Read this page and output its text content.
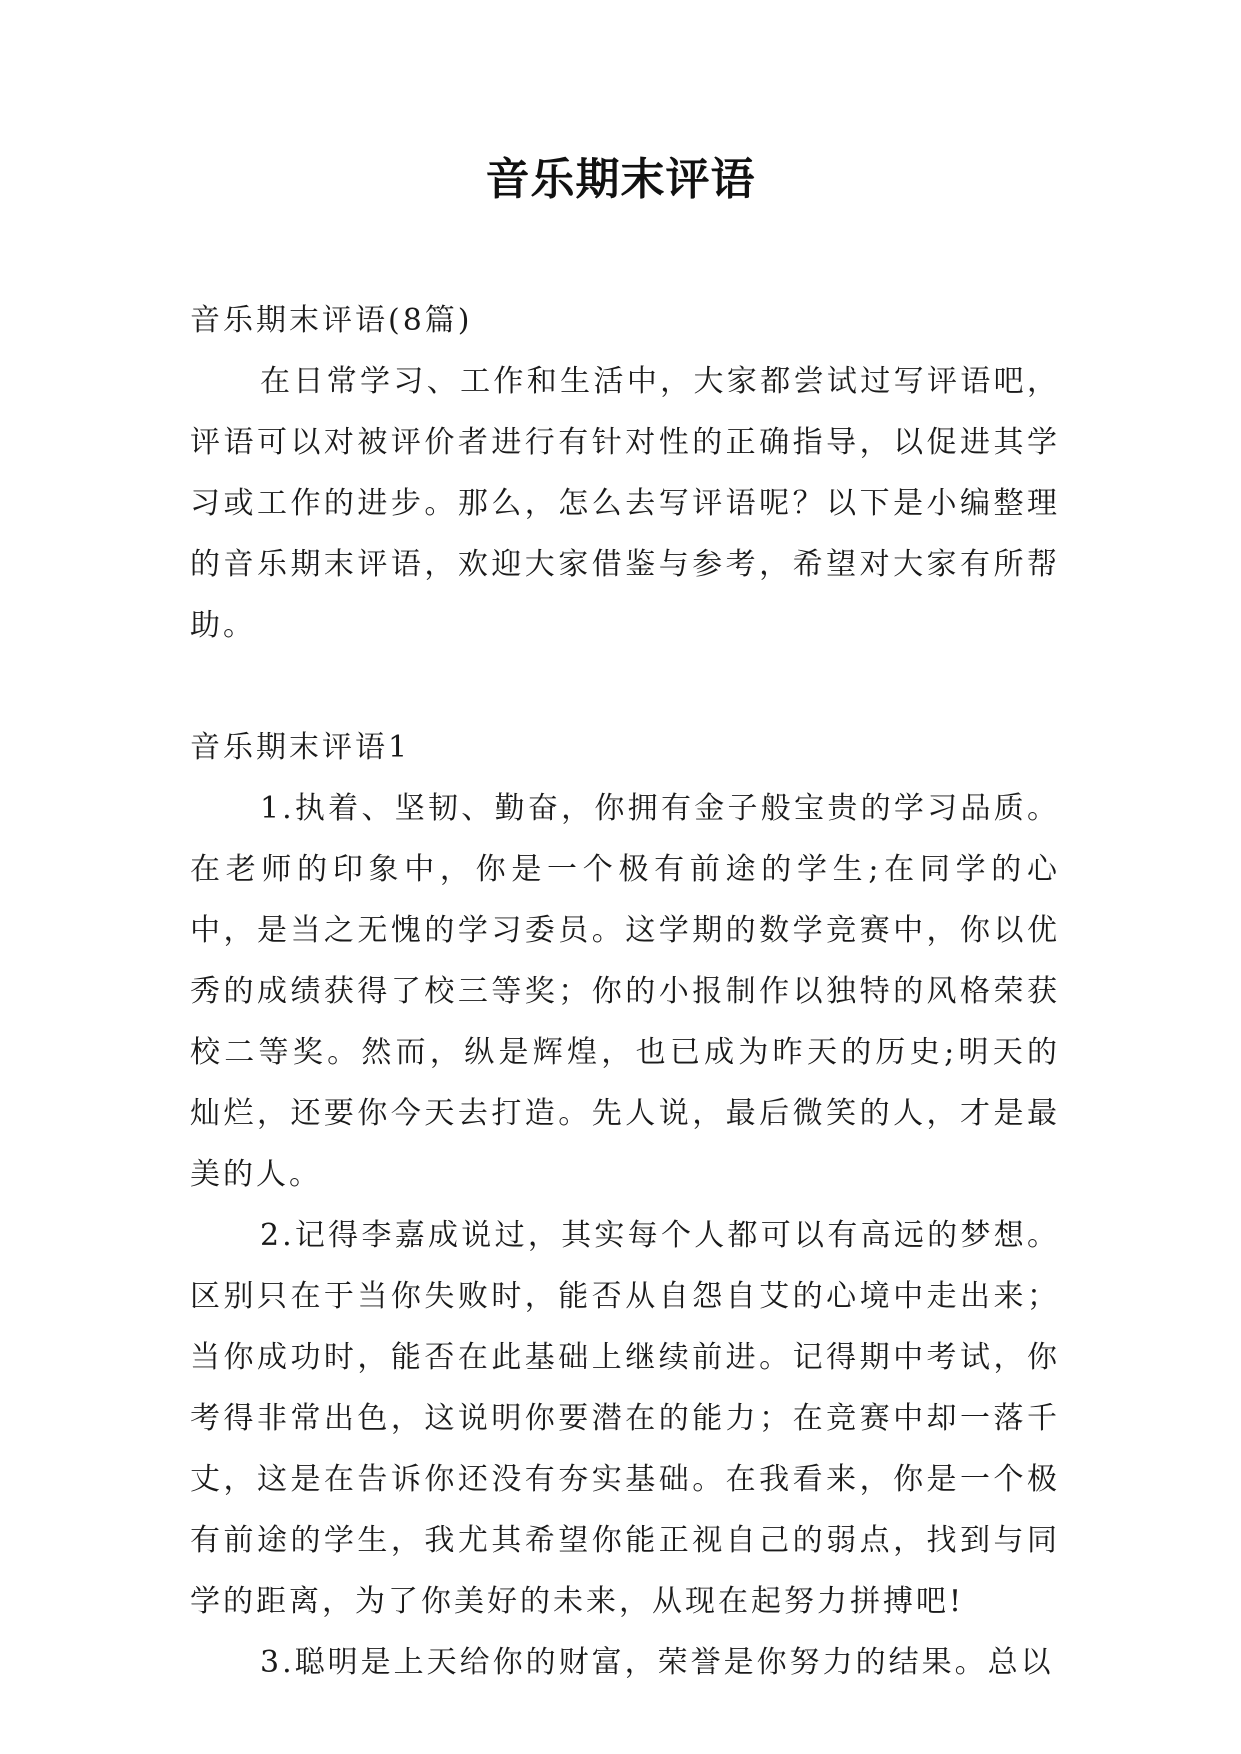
音乐期末评语

音乐期末评语(8篇)

在日常学习、工作和生活中，大家都尝试过写评语吧，评语可以对被评价者进行有针对性的正确指导，以促进其学习或工作的进步。那么，怎么去写评语呢？以下是小编整理的音乐期末评语，欢迎大家借鉴与参考，希望对大家有所帮助。

音乐期末评语1

1.执着、坚韧、勤奋，你拥有金子般宝贵的学习品质。在老师的印象中，你是一个极有前途的学生;在同学的心中，是当之无愧的学习委员。这学期的数学竞赛中，你以优秀的成绩获得了校三等奖；你的小报制作以独特的风格荣获校二等奖。然而，纵是辉煌，也已成为昨天的历史;明天的灿烂，还要你今天去打造。先人说，最后微笑的人，才是最美的人。

2.记得李嘉成说过，其实每个人都可以有高远的梦想。区别只在于当你失败时，能否从自怨自艾的心境中走出来；当你成功时，能否在此基础上继续前进。记得期中考试，你考得非常出色，这说明你要潜在的能力；在竞赛中却一落千丈，这是在告诉你还没有夯实基础。在我看来，你是一个极有前途的学生，我尤其希望你能正视自己的弱点，找到与同学的距离，为了你美好的未来，从现在起努力拼搏吧!

3.聪明是上天给你的财富，荣誉是你努力的结果。总以
